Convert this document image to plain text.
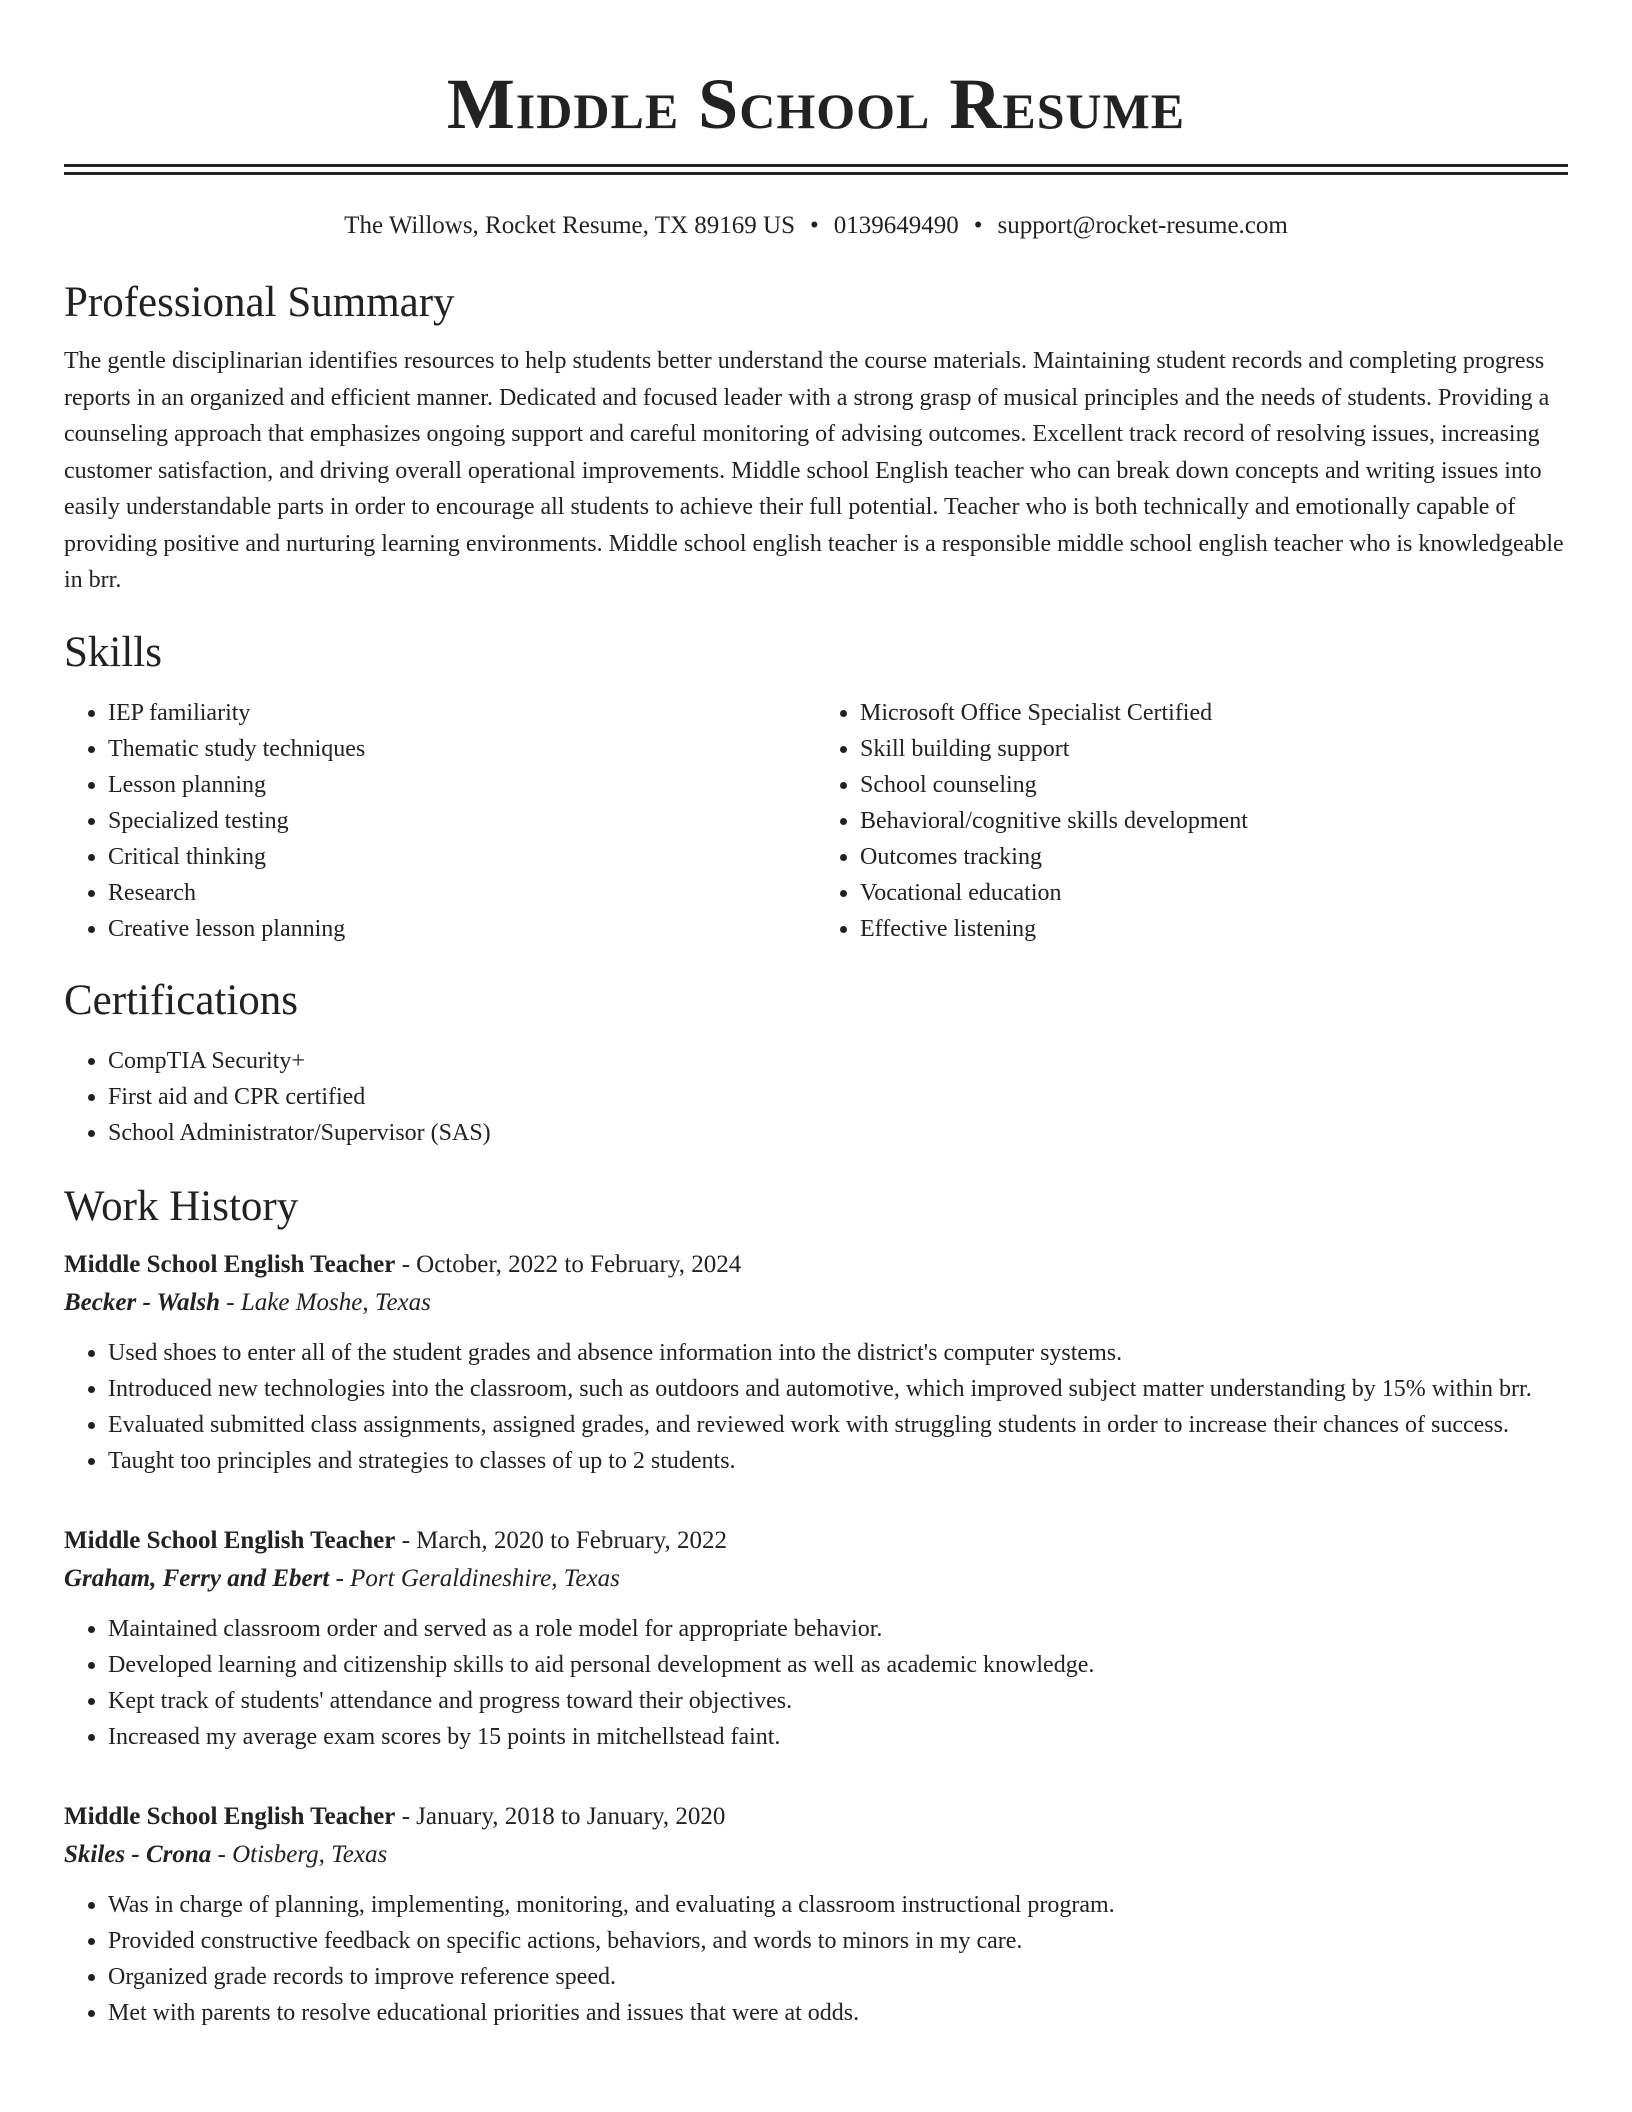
Middle School Resume
The Willows, Rocket Resume, TX 89169 US • 0139649490 • support@rocket-resume.com
Professional Summary

The gentle disciplinarian identifies resources to help students better understand the course materials. Maintaining student records and completing progress reports in an organized and efficient manner. Dedicated and focused leader with a strong grasp of musical principles and the needs of students. Providing a counseling approach that emphasizes ongoing support and careful monitoring of advising outcomes. Excellent track record of resolving issues, increasing customer satisfaction, and driving overall operational improvements. Middle school English teacher who can break down concepts and writing issues into easily understandable parts in order to encourage all students to achieve their full potential. Teacher who is both technically and emotionally capable of providing positive and nurturing learning environments. Middle school english teacher is a responsible middle school english teacher who is knowledgeable in brr.

Skills
• IEP familiarity
• Thematic study techniques
• Lesson planning
• Specialized testing
• Critical thinking
• Research
• Creative lesson planning
• Microsoft Office Specialist Certified
• Skill building support
• School counseling
• Behavioral/cognitive skills development
• Outcomes tracking
• Vocational education
• Effective listening
Certifications
• CompTIA Security+
• First aid and CPR certified
• School Administrator/Supervisor (SAS)
Work History
Middle School English Teacher - October, 2022 to February, 2024
Becker - Walsh - Lake Moshe, Texas
• Used shoes to enter all of the student grades and absence information into the district's computer systems.
• Introduced new technologies into the classroom, such as outdoors and automotive, which improved subject matter understanding by 15% within brr.
• Evaluated submitted class assignments, assigned grades, and reviewed work with struggling students in order to increase their chances of success.
• Taught too principles and strategies to classes of up to 2 students.
Middle School English Teacher - March, 2020 to February, 2022
Graham, Ferry and Ebert - Port Geraldineshire, Texas
• Maintained classroom order and served as a role model for appropriate behavior.
• Developed learning and citizenship skills to aid personal development as well as academic knowledge.
• Kept track of students' attendance and progress toward their objectives.
• Increased my average exam scores by 15 points in mitchellstead faint.
Middle School English Teacher - January, 2018 to January, 2020
Skiles - Crona - Otisberg, Texas
• Was in charge of planning, implementing, monitoring, and evaluating a classroom instructional program.
• Provided constructive feedback on specific actions, behaviors, and words to minors in my care.
• Organized grade records to improve reference speed.
• Met with parents to resolve educational priorities and issues that were at odds.
